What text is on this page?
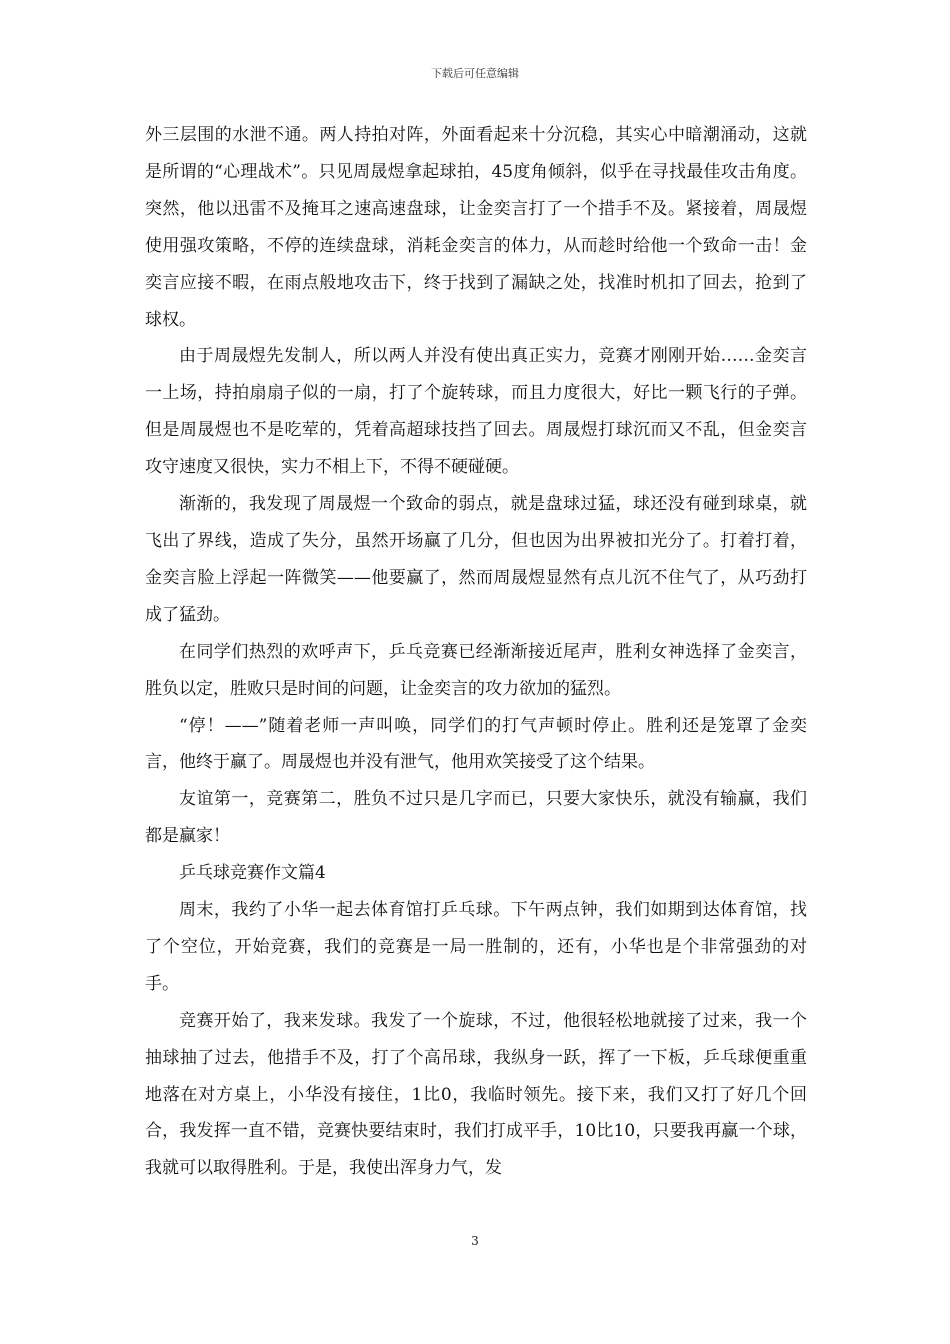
下载后可任意编辑

外三层围的水泄不通。两人持拍对阵，外面看起来十分沉稳，其实心中暗潮涌动，这就是所谓的“心理战术”。只见周晟煜拿起球拍，45度角倾斜，似乎在寻找最佳攻击角度。突然，他以迅雷不及掩耳之速高速盘球，让金奕言打了一个措手不及。紧接着，周晟煜使用强攻策略，不停的连续盘球，消耗金奕言的体力，从而趁时给他一个致命一击！金奕言应接不暇，在雨点般地攻击下，终于找到了漏缺之处，找准时机扣了回去，抢到了球权。

由于周晟煜先发制人，所以两人并没有使出真正实力，竞赛才刚刚开始……金奕言一上场，持拍扇扇子似的一扇，打了个旋转球，而且力度很大，好比一颗飞行的子弹。但是周晟煜也不是吃荤的，凭着高超球技挡了回去。周晟煜打球沉而又不乱，但金奕言攻守速度又很快，实力不相上下，不得不硬碰硬。

渐渐的，我发现了周晟煜一个致命的弱点，就是盘球过猛，球还没有碰到球桌，就飞出了界线，造成了失分，虽然开场赢了几分，但也因为出界被扣光分了。打着打着，金奕言脸上浮起一阵微笑——他要赢了，然而周晟煜显然有点儿沉不住气了，从巧劲打成了猛劲。

在同学们热烈的欢呼声下，乒乓竞赛已经渐渐接近尾声，胜利女神选择了金奕言，胜负以定，胜败只是时间的问题，让金奕言的攻力欲加的猛烈。

“停！——”随着老师一声叫唤，同学们的打气声顿时停止。胜利还是笼罩了金奕言，他终于赢了。周晟煜也并没有泄气，他用欢笑接受了这个结果。

友谊第一，竞赛第二，胜负不过只是几字而已，只要大家快乐，就没有输赢，我们都是赢家！

乒乓球竞赛作文篇4

周末，我约了小华一起去体育馆打乒乓球。下午两点钟，我们如期到达体育馆，找了个空位，开始竞赛，我们的竞赛是一局一胜制的，还有，小华也是个非常强劲的对手。

竞赛开始了，我来发球。我发了一个旋球，不过，他很轻松地就接了过来，我一个抽球抽了过去，他措手不及，打了个高吊球，我纵身一跃，挥了一下板，乒乓球便重重地落在对方桌上，小华没有接住，1比0，我临时领先。接下来，我们又打了好几个回合，我发挥一直不错，竞赛快要结束时，我们打成平手，10比10，只要我再赢一个球，我就可以取得胜利。于是，我使出浑身力气，发

3
